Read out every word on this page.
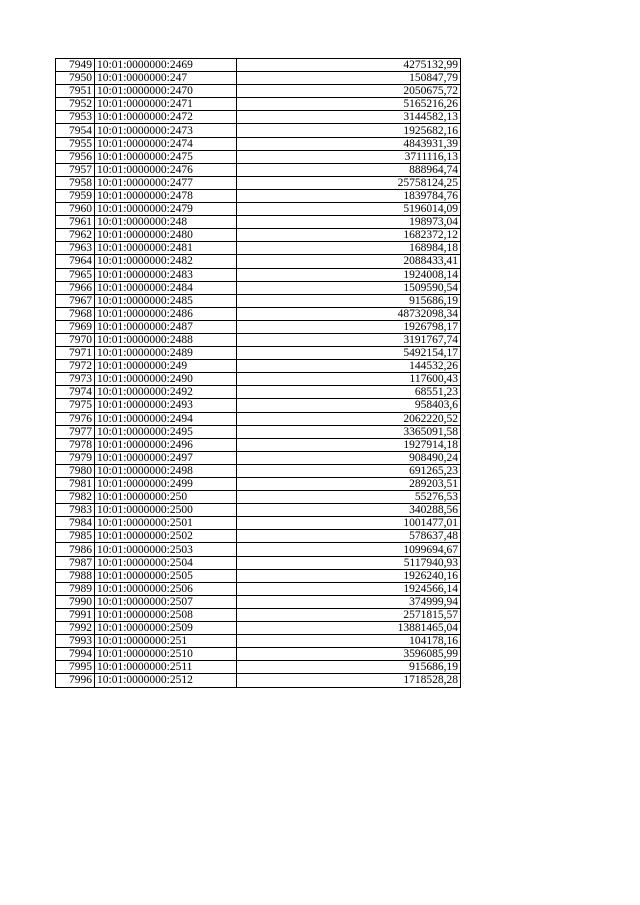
7949	10:01:0000000:2469	4275132,99
7950	10:01:0000000:247	150847,79
7951	10:01:0000000:2470	2050675,72
7952	10:01:0000000:2471	5165216,26
7953	10:01:0000000:2472	3144582,13
7954	10:01:0000000:2473	1925682,16
7955	10:01:0000000:2474	4843931,39
7956	10:01:0000000:2475	3711116,13
7957	10:01:0000000:2476	888964,74
7958	10:01:0000000:2477	25758124,25
7959	10:01:0000000:2478	1839784,76
7960	10:01:0000000:2479	5196014,09
7961	10:01:0000000:248	198973,04
7962	10:01:0000000:2480	1682372,12
7963	10:01:0000000:2481	168984,18
7964	10:01:0000000:2482	2088433,41
7965	10:01:0000000:2483	1924008,14
7966	10:01:0000000:2484	1509590,54
7967	10:01:0000000:2485	915686,19
7968	10:01:0000000:2486	48732098,34
7969	10:01:0000000:2487	1926798,17
7970	10:01:0000000:2488	3191767,74
7971	10:01:0000000:2489	5492154,17
7972	10:01:0000000:249	144532,26
7973	10:01:0000000:2490	117600,43
7974	10:01:0000000:2492	68551,23
7975	10:01:0000000:2493	958403,6
7976	10:01:0000000:2494	2062220,52
7977	10:01:0000000:2495	3365091,58
7978	10:01:0000000:2496	1927914,18
7979	10:01:0000000:2497	908490,24
7980	10:01:0000000:2498	691265,23
7981	10:01:0000000:2499	289203,51
7982	10:01:0000000:250	55276,53
7983	10:01:0000000:2500	340288,56
7984	10:01:0000000:2501	1001477,01
7985	10:01:0000000:2502	578637,48
7986	10:01:0000000:2503	1099694,67
7987	10:01:0000000:2504	5117940,93
7988	10:01:0000000:2505	1926240,16
7989	10:01:0000000:2506	1924566,14
7990	10:01:0000000:2507	374999,94
7991	10:01:0000000:2508	2571815,57
7992	10:01:0000000:2509	13881465,04
7993	10:01:0000000:251	104178,16
7994	10:01:0000000:2510	3596085,99
7995	10:01:0000000:2511	915686,19
7996	10:01:0000000:2512	1718528,28
